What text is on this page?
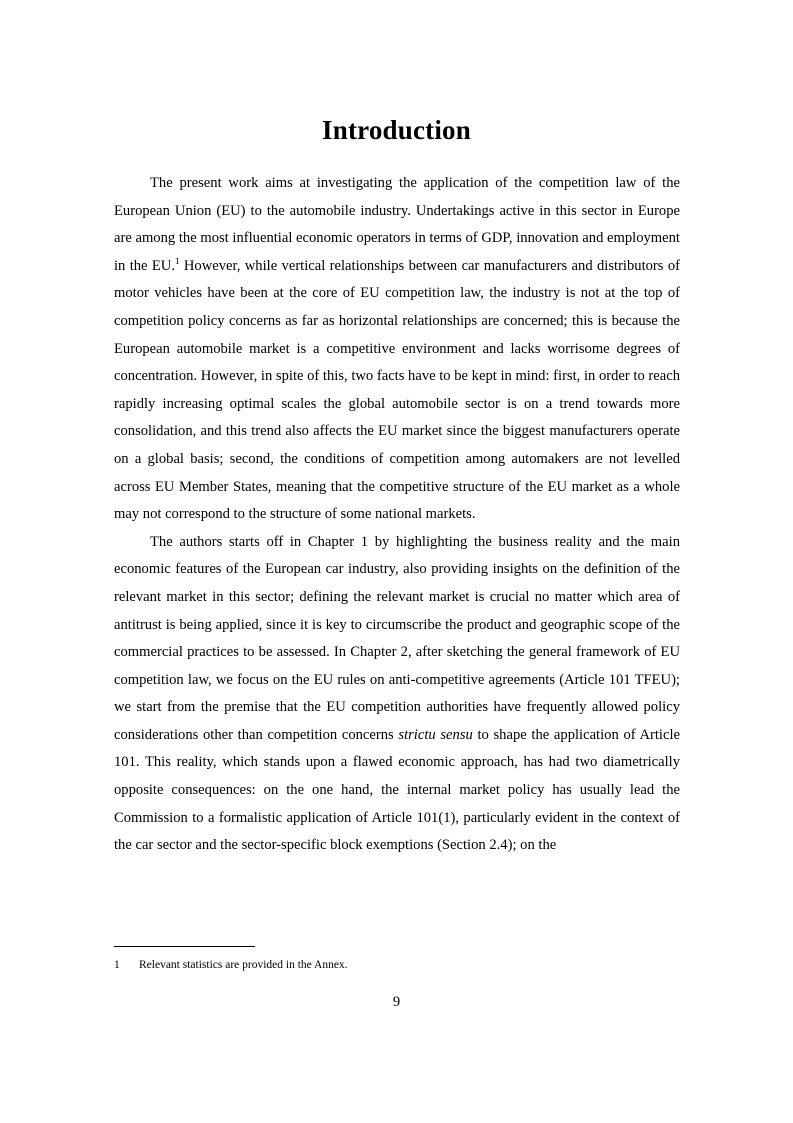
Introduction

The present work aims at investigating the application of the competition law of the European Union (EU) to the automobile industry. Undertakings active in this sector in Europe are among the most influential economic operators in terms of GDP, innovation and employment in the EU.$^1$ However, while vertical relationships between car manufacturers and distributors of motor vehicles have been at the core of EU competition law, the industry is not at the top of competition policy concerns as far as horizontal relationships are concerned; this is because the European automobile market is a competitive environment and lacks worrisome degrees of concentration. However, in spite of this, two facts have to be kept in mind: first, in order to reach rapidly increasing optimal scales the global automobile sector is on a trend towards more consolidation, and this trend also affects the EU market since the biggest manufacturers operate on a global basis; second, the conditions of competition among automakers are not levelled across EU Member States, meaning that the competitive structure of the EU market as a whole may not correspond to the structure of some national markets.

The authors starts off in Chapter 1 by highlighting the business reality and the main economic features of the European car industry, also providing insights on the definition of the relevant market in this sector; defining the relevant market is crucial no matter which area of antitrust is being applied, since it is key to circumscribe the product and geographic scope of the commercial practices to be assessed. In Chapter 2, after sketching the general framework of EU competition law, we focus on the EU rules on anti-competitive agreements (Article 101 TFEU); we start from the premise that the EU competition authorities have frequently allowed policy considerations other than competition concerns strictu sensu to shape the application of Article 101. This reality, which stands upon a flawed economic approach, has had two diametrically opposite consequences: on the one hand, the internal market policy has usually lead the Commission to a formalistic application of Article 101(1), particularly evident in the context of the car sector and the sector-specific block exemptions (Section 2.4); on the

1 Relevant statistics are provided in the Annex.
9
